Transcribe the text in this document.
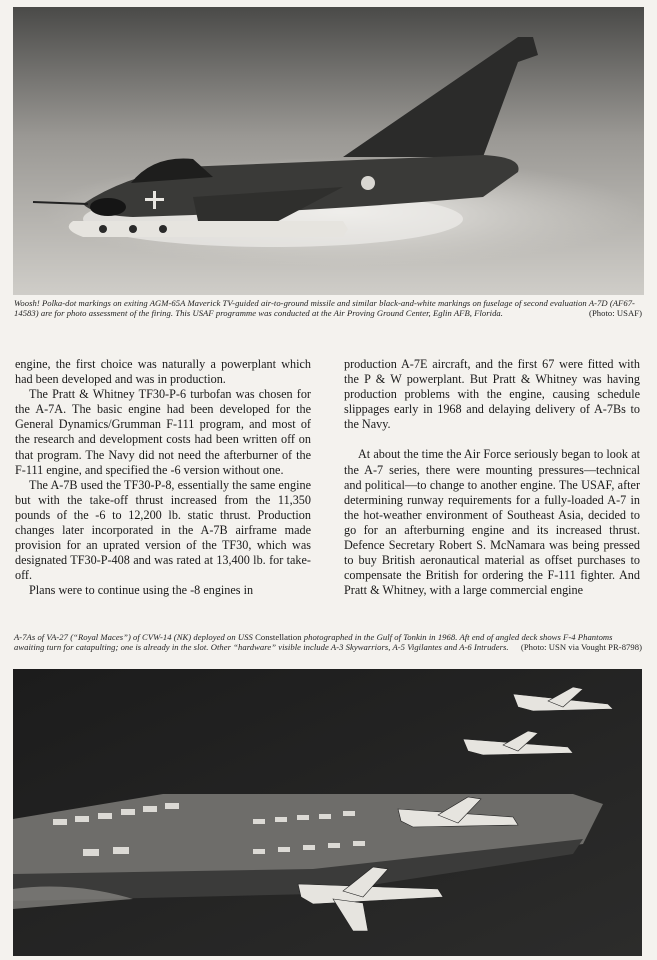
Woosh! Polka-dot markings on exiting AGM-65A Maverick TV-guided air-to-ground missile and similar black-and-white markings on fuselage of second evaluation A-7D (AF67-14583) are for photo assessment of the firing. This USAF programme was conducted at the Air Proving Ground Center, Eglin AFB, Florida.	(Photo: USAF)

engine, the first choice was naturally a powerplant which had been developed and was in production.

The Pratt & Whitney TF30-P-6 turbofan was chosen for the A-7A. The basic engine had been developed for the General Dynamics/Grumman F-111 program, and most of the research and development costs had been written off on that program. The Navy did not need the afterburner of the F-111 engine, and specified the -6 version without one.

The A-7B used the TF30-P-8, essentially the same engine but with the take-off thrust increased from the 11,350 pounds of the -6 to 12,200 lb. static thrust. Production changes later incorporated in the A-7B airframe made provision for an uprated version of the TF30, which was designated TF30-P-408 and was rated at 13,400 lb. for take-off.

Plans were to continue using the -8 engines in

production A-7E aircraft, and the first 67 were fitted with the P & W powerplant. But Pratt & Whitney was having production problems with the engine, causing schedule slippages early in 1968 and delaying delivery of A-7Bs to the Navy.

At about the time the Air Force seriously began to look at the A-7 series, there were mounting pressures—technical and political—to change to another engine. The USAF, after determining runway requirements for a fully-loaded A-7 in the hot-weather environment of Southeast Asia, decided to go for an afterburning engine and its increased thrust. Defence Secretary Robert S. McNamara was being pressed to buy British aeronautical material as offset purchases to compensate the British for ordering the F-111 fighter. And Pratt & Whitney, with a large commercial engine

A-7As of VA-27 (“Royal Maces”) of CVW-14 (NK) deployed on USS Constellation photographed in the Gulf of Tonkin in 1968. Aft end of angled deck shows F-4 Phantoms awaiting turn for catapulting; one is already in the slot. Other “hardware” visible include A-3 Skywarriors, A-5 Vigilantes and A-6 Intruders. (Photo: USN via Vought PR-8798)
